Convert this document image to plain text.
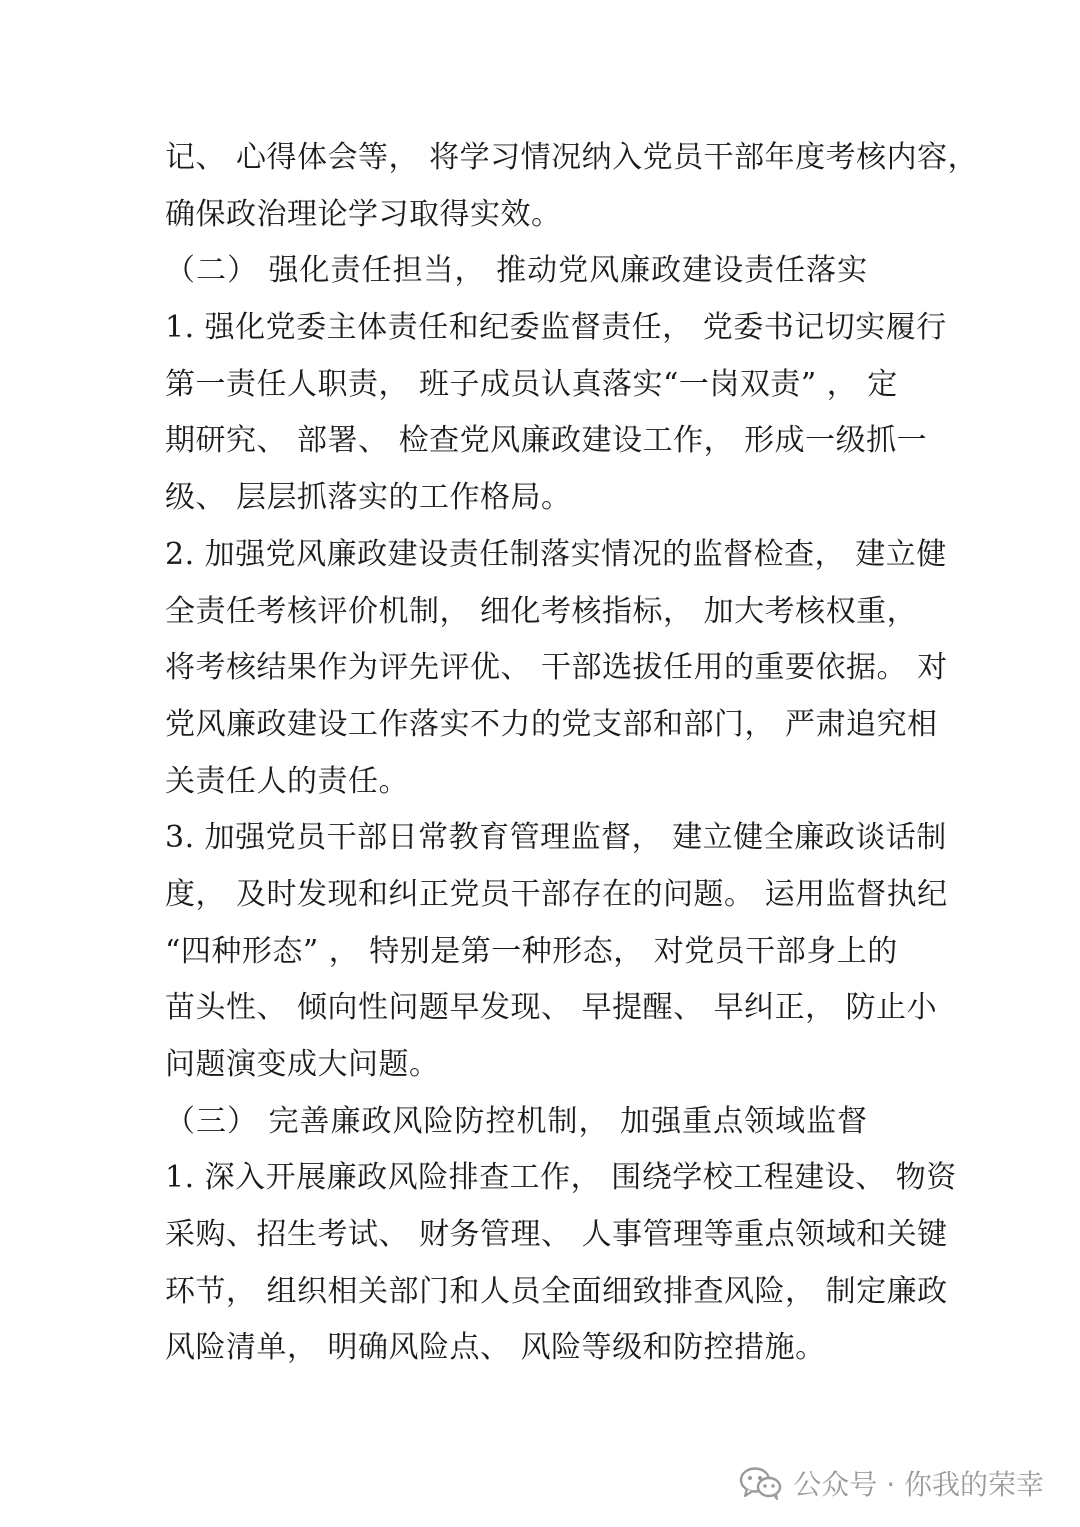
记、 心得体会等， 将学习情况纳入党员干部年度考核内容，
确保政治理论学习取得实效。
（二） 强化责任担当， 推动党风廉政建设责任落实
1. 强化党委主体责任和纪委监督责任， 党委书记切实履行
第一责任人职责， 班子成员认真落实“一岗双责” ， 定
期研究、 部署、 检查党风廉政建设工作， 形成一级抓一
级、 层层抓落实的工作格局。
2. 加强党风廉政建设责任制落实情况的监督检查， 建立健
全责任考核评价机制， 细化考核指标， 加大考核权重，
将考核结果作为评先评优、 干部选拔任用的重要依据。 对
党风廉政建设工作落实不力的党支部和部门， 严肃追究相
关责任人的责任。
3. 加强党员干部日常教育管理监督， 建立健全廉政谈话制
度， 及时发现和纠正党员干部存在的问题。 运用监督执纪
“四种形态” ， 特别是第一种形态， 对党员干部身上的
苗头性、 倾向性问题早发现、 早提醒、 早纠正， 防止小
问题演变成大问题。
（三） 完善廉政风险防控机制， 加强重点领域监督
1. 深入开展廉政风险排查工作， 围绕学校工程建设、 物资
采购、招生考试、 财务管理、 人事管理等重点领域和关键
环节， 组织相关部门和人员全面细致排查风险， 制定廉政
风险清单， 明确风险点、 风险等级和防控措施。
公众号 · 你我的荣幸
